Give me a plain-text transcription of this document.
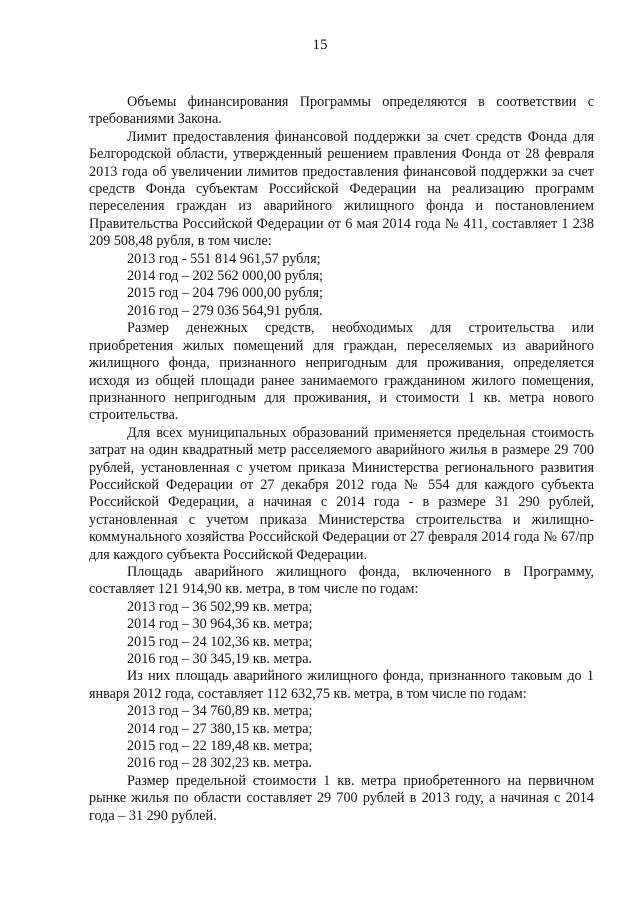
15

Объемы финансирования Программы определяются в соответствии с требованиями Закона.

Лимит предоставления финансовой поддержки за счет средств Фонда для Белгородской области, утвержденный решением правления Фонда от 28 февраля 2013 года об увеличении лимитов предоставления финансовой поддержки за счет средств Фонда субъектам Российской Федерации на реализацию программ переселения граждан из аварийного жилищного фонда и постановлением Правительства Российской Федерации от 6 мая 2014 года № 411, составляет 1 238 209 508,48 рубля, в том числе:

2013 год - 551 814 961,57 рубля;

2014 год – 202 562 000,00 рубля;

2015 год – 204 796 000,00 рубля;

2016 год – 279 036 564,91 рубля.

Размер денежных средств, необходимых для строительства или приобретения жилых помещений для граждан, переселяемых из аварийного жилищного фонда, признанного непригодным для проживания, определяется исходя из общей площади ранее занимаемого гражданином жилого помещения, признанного непригодным для проживания, и стоимости 1 кв. метра нового строительства.

Для всех муниципальных образований применяется предельная стоимость затрат на один квадратный метр расселяемого аварийного жилья в размере 29 700 рублей, установленная с учетом приказа Министерства регионального развития Российской Федерации от 27 декабря 2012 года № 554 для каждого субъекта Российской Федерации, а начиная с 2014 года - в размере 31 290 рублей, установленная с учетом приказа Министерства строительства и жилищно-коммунального хозяйства Российской Федерации от 27 февраля 2014 года № 67/пр для каждого субъекта Российской Федерации.

Площадь аварийного жилищного фонда, включенного в Программу, составляет 121 914,90 кв. метра, в том числе по годам:

2013 год – 36 502,99 кв. метра;

2014 год – 30 964,36 кв. метра;

2015 год – 24 102,36 кв. метра;

2016 год – 30 345,19 кв. метра.

Из них площадь аварийного жилищного фонда, признанного таковым до 1 января 2012 года, составляет 112 632,75 кв. метра, в том числе по годам:

2013 год – 34 760,89 кв. метра;

2014 год – 27 380,15 кв. метра;

2015 год – 22 189,48 кв. метра;

2016 год – 28 302,23 кв. метра.

Размер предельной стоимости 1 кв. метра приобретенного на первичном рынке жилья по области составляет 29 700 рублей в 2013 году, а начиная с 2014 года – 31 290 рублей.
